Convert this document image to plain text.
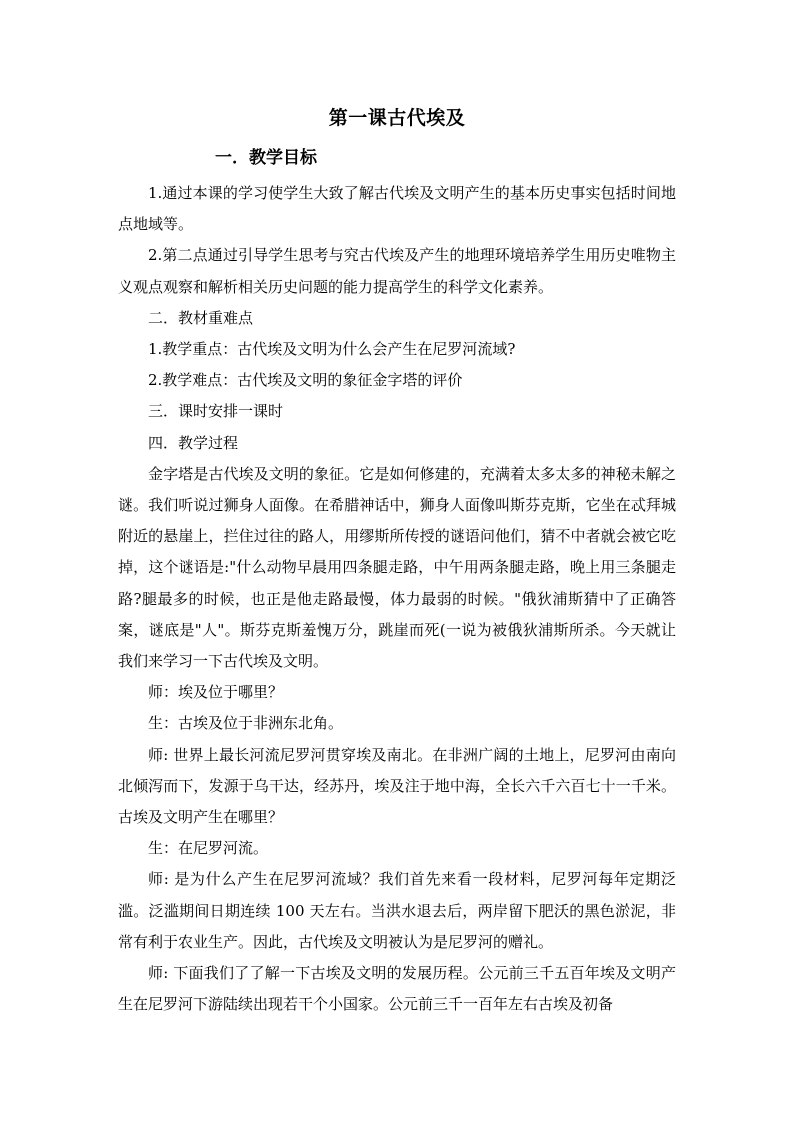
第一课古代埃及
一．教学目标

1.通过本课的学习使学生大致了解古代埃及文明产生的基本历史事实包括时间地点地域等。

2.第二点通过引导学生思考与究古代埃及产生的地理环境培养学生用历史唯物主义观点观察和解析相关历史问题的能力提高学生的科学文化素养。

二．教材重难点

1.教学重点：古代埃及文明为什么会产生在尼罗河流域?

2.教学难点：古代埃及文明的象征金字塔的评价

三．课时安排一课时

四．教学过程

金字塔是古代埃及文明的象征。它是如何修建的，充满着太多太多的神秘未解之谜。我们听说过狮身人面像。在希腊神话中，狮身人面像叫斯芬克斯，它坐在忒拜城附近的悬崖上，拦住过往的路人，用缪斯所传授的谜语问他们，猜不中者就会被它吃掉，这个谜语是:"什么动物早晨用四条腿走路，中午用两条腿走路，晚上用三条腿走路?腿最多的时候，也正是他走路最慢，体力最弱的时候。"俄狄浦斯猜中了正确答案，谜底是"人"。斯芬克斯羞愧万分，跳崖而死(一说为被俄狄浦斯所杀。今天就让我们来学习一下古代埃及文明。

师：埃及位于哪里？

生：古埃及位于非洲东北角。

师: 世界上最长河流尼罗河贯穿埃及南北。在非洲广阔的土地上，尼罗河由南向北倾泻而下，发源于乌干达，经苏丹，埃及注于地中海，全长六千六百七十一千米。古埃及文明产生在哪里？

生：在尼罗河流。

师: 是为什么产生在尼罗河流域？我们首先来看一段材料，尼罗河每年定期泛滥。泛滥期间日期连续 100 天左右。当洪水退去后，两岸留下肥沃的黑色淤泥，非常有利于农业生产。因此，古代埃及文明被认为是尼罗河的赠礼。

师: 下面我们了了解一下古埃及文明的发展历程。公元前三千五百年埃及文明产生在尼罗河下游陆续出现若干个小国家。公元前三千一百年左右古埃及初备
